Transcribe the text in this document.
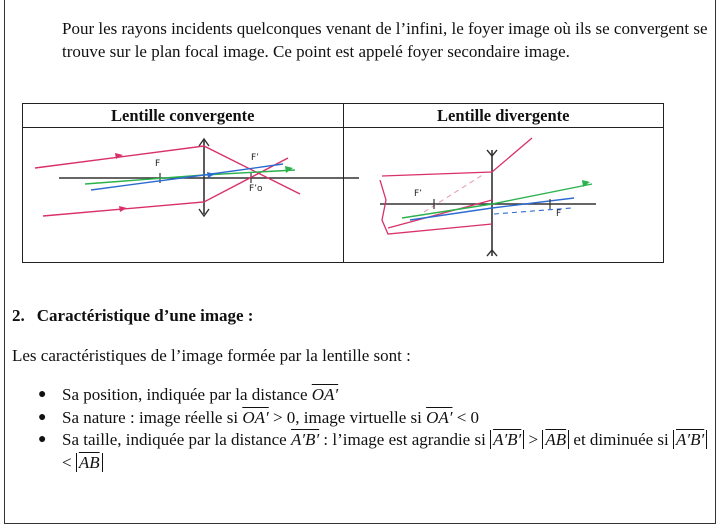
Pour les rayons incidents quelconques venant de l’infini, le foyer image où ils se convergent se trouve sur le plan focal image. Ce point est appelé foyer secondaire image.
Lentille convergente	Lentille divergente
F
F’
F’o	F’
F
2. Caractéristique d’une image :
Les caractéristiques de l’image formée par la lentille sont :
● Sa position, indiquée par la distance OA′
● Sa nature : image réelle si OA′ > 0, image virtuelle si OA′ < 0
● Sa taille, indiquée par la distance A′B′ : l’image est agrandie si $A'B' > \overline{AB}$ et diminuée si $A'B' < \overline{AB}$
